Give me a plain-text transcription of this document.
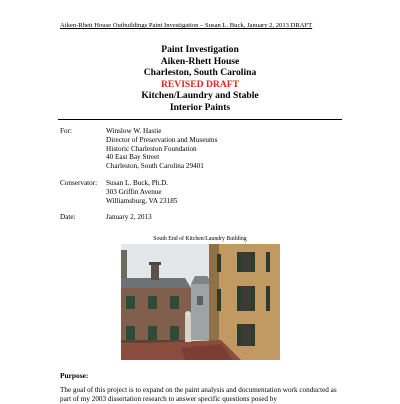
Aiken-Rhett House Outbuildings Paint Investigation – Susan L. Buck, January 2, 2013 DRAFT
Paint Investigation
Aiken-Rhett House
Charleston, South Carolina
REVISED DRAFT
Kitchen/Laundry and Stable
Interior Paints
For:	Winslow W. Hastie
Director of Preservation and Museums
Historic Charleston Foundation
40 East Bay Street
Charleston, South Carolina 29401
Conservator: Susan L. Buck, Ph.D.
303 Griffin Avenue
Williamsburg, VA 23185
Date:	January 2, 2013
South End of Kitchen/Laundry Building
Purpose:
The goal of this project is to expand on the paint analysis and documentation work conducted as part of my 2003 dissertation research to answer specific questions posed by
